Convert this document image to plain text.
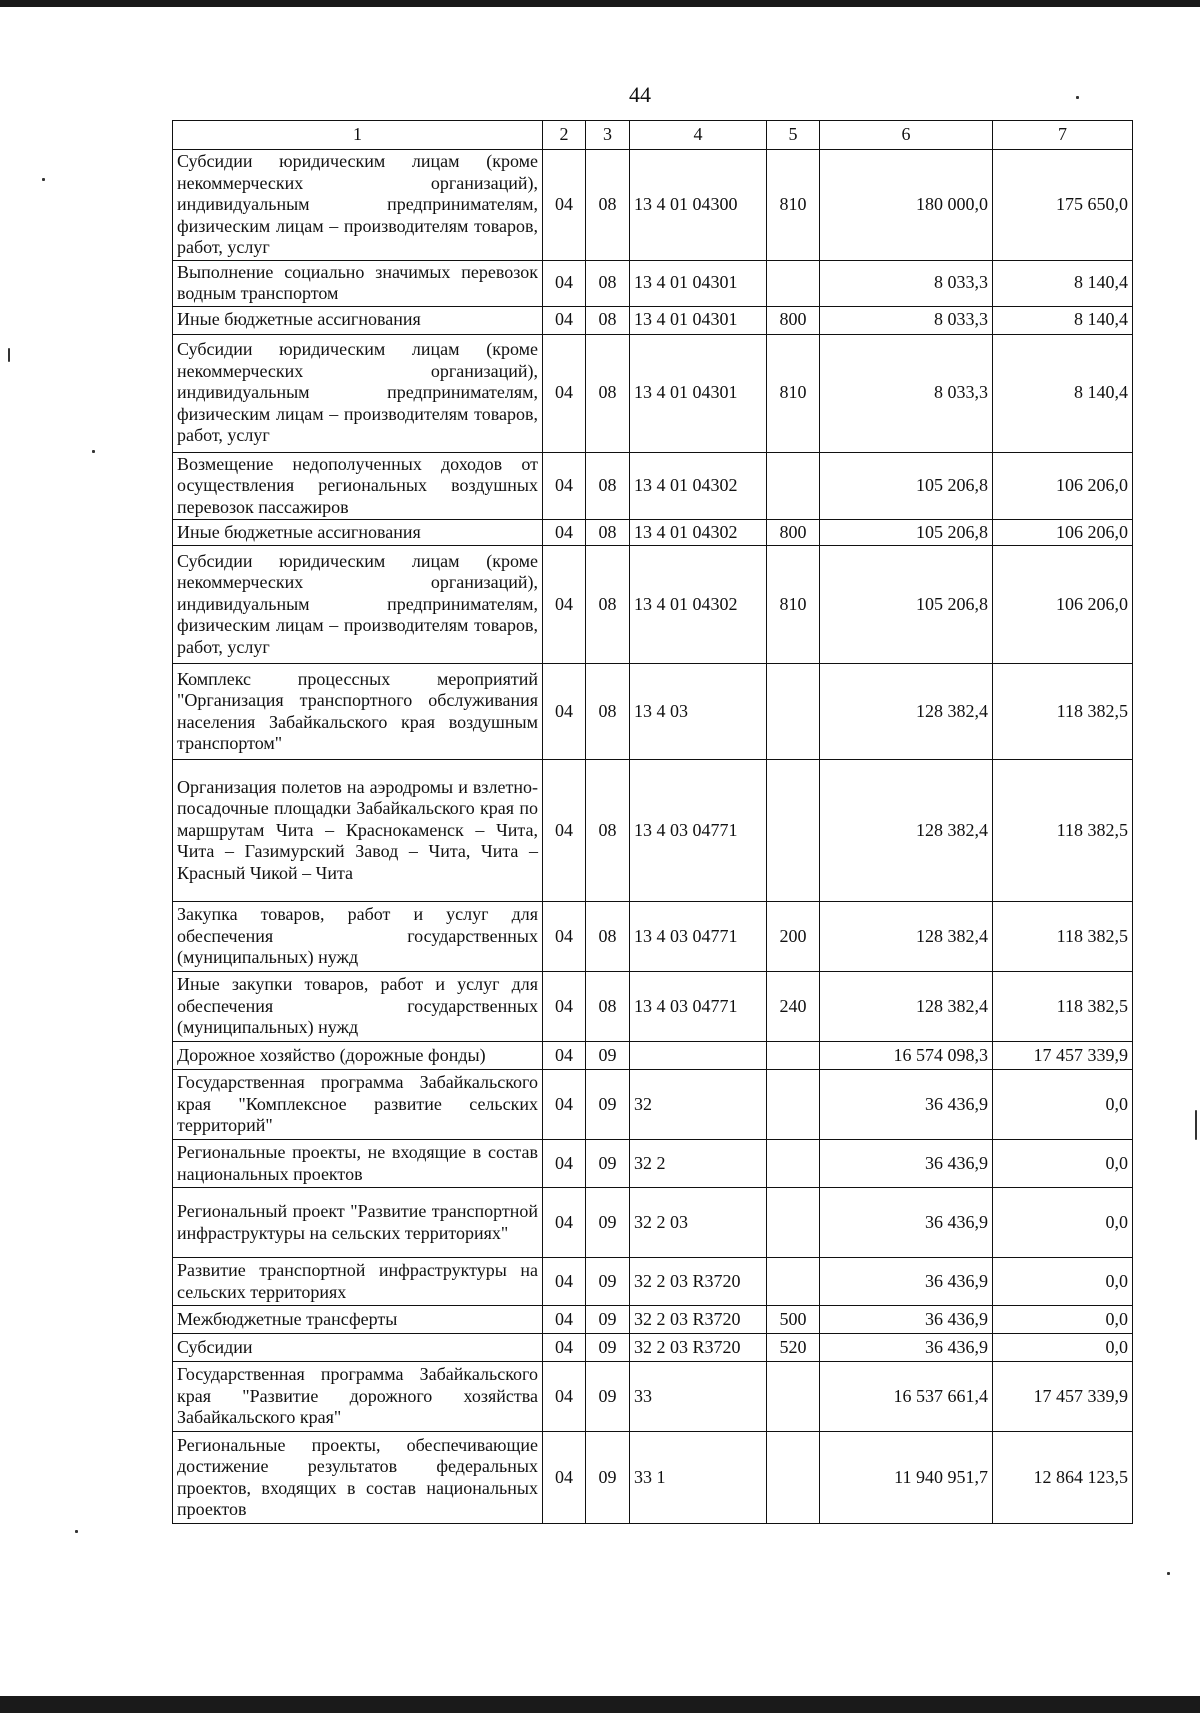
44
1	2	3	4	5	6	7
Субсидии юридическим лицам (кроме некоммерческих организаций), индивидуальным предпринимателям, физическим лицам – производителям товаров, работ, услуг	04	08	13 4 01 04300	810	180 000,0	175 650,0
Выполнение социально значимых перевозок водным транспортом	04	08	13 4 01 04301		8 033,3	8 140,4
Иные бюджетные ассигнования	04	08	13 4 01 04301	800	8 033,3	8 140,4
Субсидии юридическим лицам (кроме некоммерческих организаций), индивидуальным предпринимателям, физическим лицам – производителям товаров, работ, услуг	04	08	13 4 01 04301	810	8 033,3	8 140,4
Возмещение недополученных доходов от осуществления региональных воздушных перевозок пассажиров	04	08	13 4 01 04302		105 206,8	106 206,0
Иные бюджетные ассигнования	04	08	13 4 01 04302	800	105 206,8	106 206,0
Субсидии юридическим лицам (кроме некоммерческих организаций), индивидуальным предпринимателям, физическим лицам – производителям товаров, работ, услуг	04	08	13 4 01 04302	810	105 206,8	106 206,0
Комплекс процессных мероприятий "Организация транспортного обслуживания населения Забайкальского края воздушным транспортом"	04	08	13 4 03		128 382,4	118 382,5
Организация полетов на аэродромы и взлетно-посадочные площадки Забайкальского края по маршрутам Чита – Краснокаменск – Чита, Чита – Газимурский Завод – Чита, Чита – Красный Чикой – Чита	04	08	13 4 03 04771		128 382,4	118 382,5
Закупка товаров, работ и услуг для обеспечения государственных (муниципальных) нужд	04	08	13 4 03 04771	200	128 382,4	118 382,5
Иные закупки товаров, работ и услуг для обеспечения государственных (муниципальных) нужд	04	08	13 4 03 04771	240	128 382,4	118 382,5
Дорожное хозяйство (дорожные фонды)	04	09			16 574 098,3	17 457 339,9
Государственная программа Забайкальского края "Комплексное развитие сельских территорий"	04	09	32		36 436,9	0,0
Региональные проекты, не входящие в состав национальных проектов	04	09	32 2		36 436,9	0,0
Региональный проект "Развитие транспортной инфраструктуры на сельских территориях"	04	09	32 2 03		36 436,9	0,0
Развитие транспортной инфраструктуры на сельских территориях	04	09	32 2 03 R3720		36 436,9	0,0
Межбюджетные трансферты	04	09	32 2 03 R3720	500	36 436,9	0,0
Субсидии	04	09	32 2 03 R3720	520	36 436,9	0,0
Государственная программа Забайкальского края "Развитие дорожного хозяйства Забайкальского края"	04	09	33		16 537 661,4	17 457 339,9
Региональные проекты, обеспечивающие достижение результатов федеральных проектов, входящих в состав национальных проектов	04	09	33 1		11 940 951,7	12 864 123,5
